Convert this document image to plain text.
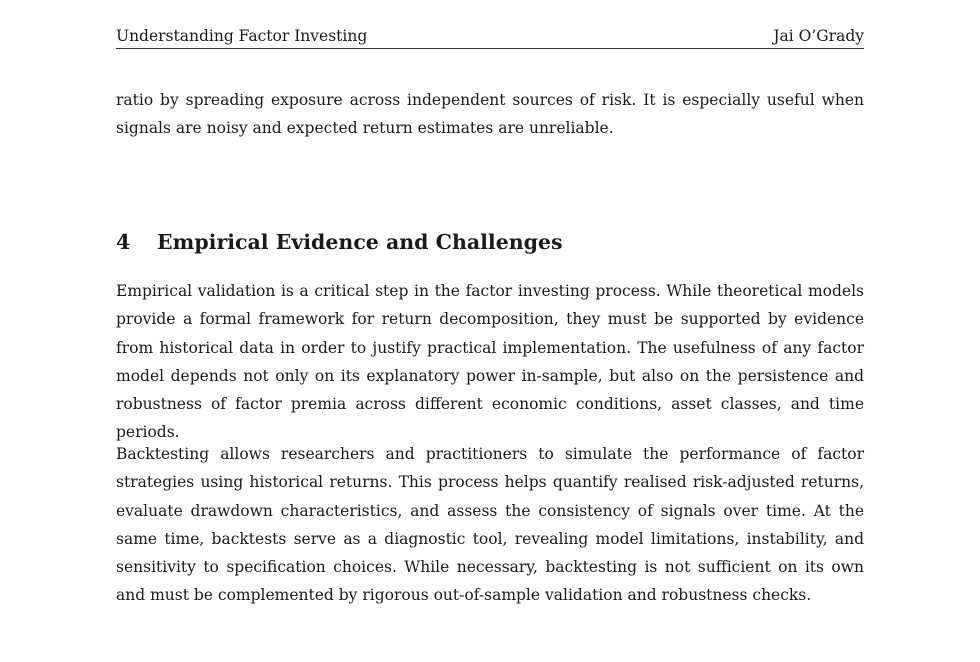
Understanding Factor Investing	Jai O’Grady

ratio by spreading exposure across independent sources of risk. It is especially useful when signals are noisy and expected return estimates are unreliable.

4	Empirical Evidence and Challenges

Empirical validation is a critical step in the factor investing process. While theoretical models provide a formal framework for return decomposition, they must be supported by evidence from historical data in order to justify practical implementation. The usefulness of any factor model depends not only on its explanatory power in-sample, but also on the persistence and robustness of factor premia across different economic conditions, asset classes, and time periods.

Backtesting allows researchers and practitioners to simulate the performance of factor strategies using historical returns. This process helps quantify realised risk-adjusted returns, evaluate drawdown characteristics, and assess the consistency of signals over time. At the same time, backtests serve as a diagnostic tool, revealing model limitations, instability, and sensitivity to specification choices. While necessary, backtesting is not sufficient on its own and must be complemented by rigorous out-of-sample validation and robustness checks.
